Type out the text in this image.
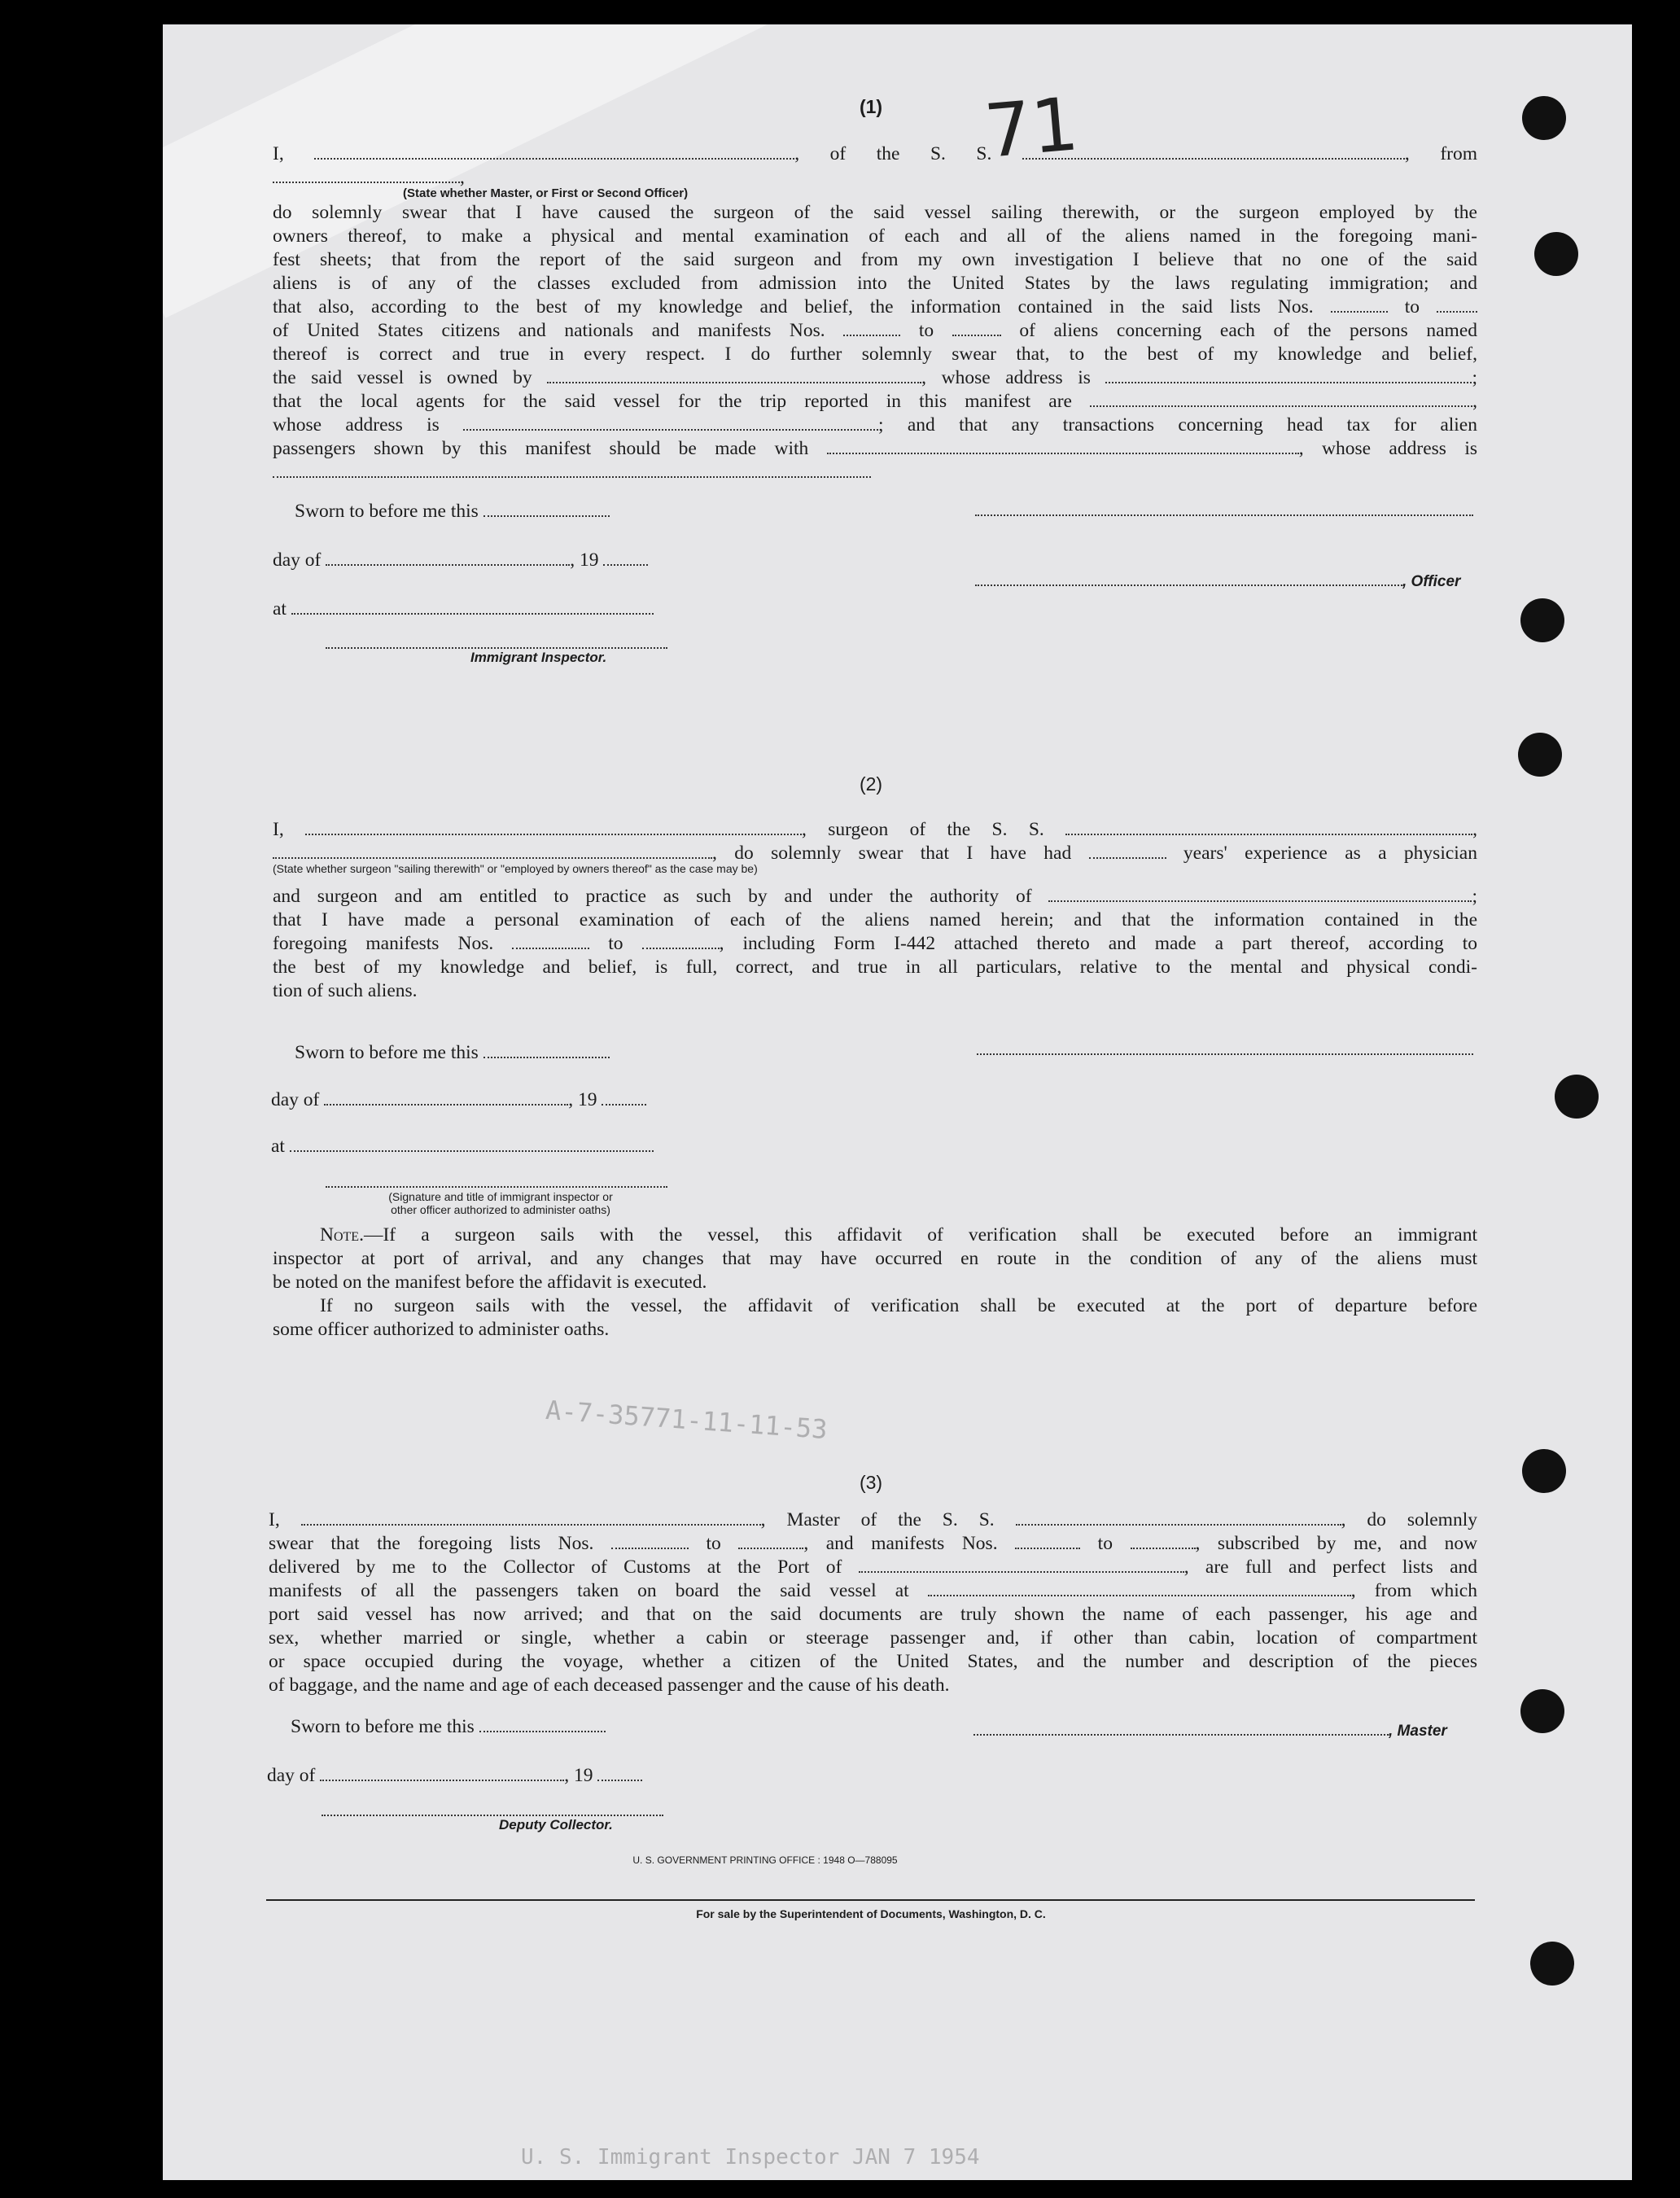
71
(1)

I,	, of the S. S.	, from ,

(State whether Master, or First or Second Officer)

do solemnly swear that I have caused the surgeon of the said vessel sailing therewith, or the surgeon employed by the

owners thereof, to make a physical and mental examination of each and all of the aliens named in the foregoing mani-

fest sheets; that from the report of the said surgeon and from my own investigation I believe that no one of the said

aliens is of any of the classes excluded from admission into the United States by the laws regulating immigration; and

that also, according to the best of my knowledge and belief, the information contained in the said lists Nos.	to

of United States citizens and nationals and manifests Nos.	to	of aliens concerning each of the persons named

thereof is correct and true in every respect. I do further solemnly swear that, to the best of my knowledge and belief,

the said vessel is owned by	, whose address is	;

that the local agents for the said vessel for the trip reported in this manifest are	,

whose address is	; and that any transactions concerning head tax for alien

passengers shown by this manifest should be made with	, whose address is

Sworn to before me this
day of	, 19
, Officer
at
Immigrant Inspector.
(2)

I,	, surgeon of the S. S.	,

, do solemnly swear that I have had	years' experience as a physician

(State whether surgeon "sailing therewith" or "employed by owners thereof" as the case may be)

and surgeon and am entitled to practice as such by and under the authority of	;

that I have made a personal examination of each of the aliens named herein; and that the information contained in the

foregoing manifests Nos.	to	, including Form I-442 attached thereto and made a part thereof, according to

the best of my knowledge and belief, is full, correct, and true in all particulars, relative to the mental and physical condi-

tion of such aliens.

Sworn to before me this
day of	, 19
at
(Signature and title of immigrant inspector or
other officer authorized to administer oaths)

Note.—If a surgeon sails with the vessel, this affidavit of verification shall be executed before an immigrant

inspector at port of arrival, and any changes that may have occurred en route in the condition of any of the aliens must

be noted on the manifest before the affidavit is executed.

If no surgeon sails with the vessel, the affidavit of verification shall be executed at the port of departure before

some officer authorized to administer oaths.

A-7-35771-11-11-53
(3)

I,	, Master of the S. S.	, do solemnly

swear that the foregoing lists Nos.	to	, and manifests Nos.	to	, subscribed by me, and now

delivered by me to the Collector of Customs at the Port of	, are full and perfect lists and

manifests of all the passengers taken on board the said vessel at	, from which

port said vessel has now arrived; and that on the said documents are truly shown the name of each passenger, his age and

sex, whether married or single, whether a cabin or steerage passenger and, if other than cabin, location of compartment

or space occupied during the voyage, whether a citizen of the United States, and the number and description of the pieces

of baggage, and the name and age of each deceased passenger and the cause of his death.

Sworn to before me this	, Master
day of	, 19
Deputy Collector.
U. S. GOVERNMENT PRINTING OFFICE : 1948 O—788095
For sale by the Superintendent of Documents, Washington, D. C.
U. S. Immigrant Inspector JAN 7 1954
